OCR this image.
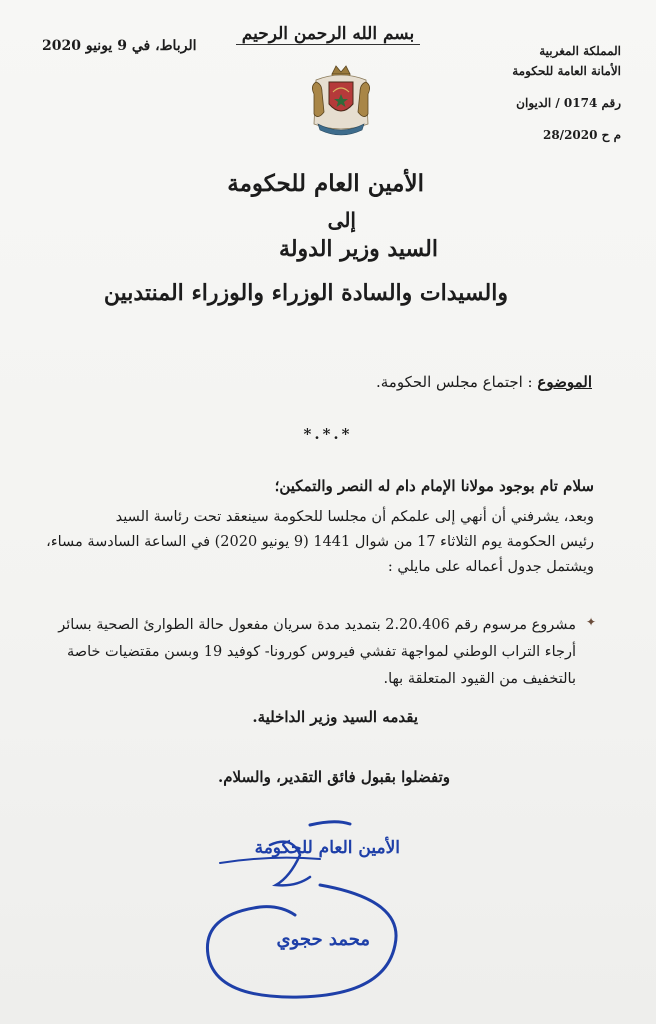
بسم الله الرحمن الرحيم
الرباط، في 9 يونيو 2020	المملكة المغربية
الأمانة العامة للحكومة
رقم 0174 / الديوان
م ح 28/2020
الأمين العام للحكومة
إلى
السيد وزير الدولة
والسيدات والسادة الوزراء والوزراء المنتدبين
الموضوع : اجتماع مجلس الحكومة.
*.*.*
سلام تام بوجود مولانا الإمام دام له النصر والتمكين؛
وبعد، يشرفني أن أنهي إلى علمكم أن مجلسا للحكومة سينعقد تحت رئاسة السيد
رئيس الحكومة يوم الثلاثاء 17 من شوال 1441 (9 يونيو 2020) في الساعة السادسة مساء،
ويشتمل جدول أعماله على مايلي :
✦
مشروع مرسوم رقم 2.20.406 بتمديد مدة سريان مفعول حالة الطوارئ الصحية بسائر أرجاء التراب الوطني لمواجهة تفشي فيروس كورونا- كوفيد 19 وبسن مقتضيات خاصة بالتخفيف من القيود المتعلقة بها.
يقدمه السيد وزير الداخلية.
وتفضلوا بقبول فائق التقدير، والسلام.
الأمين العام للحكومة
محمد حجوي
